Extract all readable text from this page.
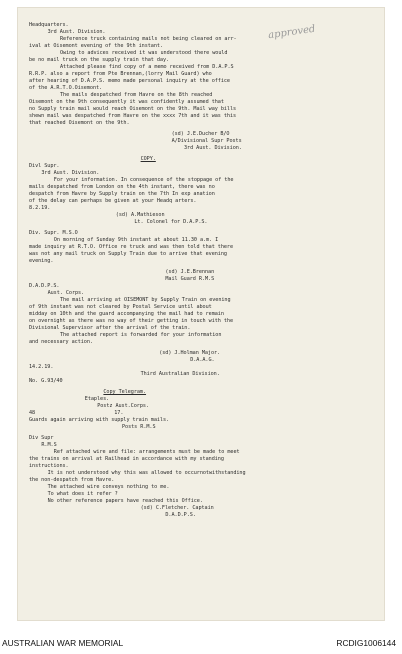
approved
Headquarters.
3rd Aust. Division.
Reference truck containing mails not being cleared on arr-
ival at Oisemont evening of the 9th instant.
Owing to advices received it was understood there would
be no mail truck on the supply train that day.
Attached please find copy of a memo received from D.A.P.S
R.R.P. also a report from Pte Brennan,(lorry Mail Guard) who
after hearing of D.A.P.S. memo made personal inquiry at the office
of the A.R.T.O.Oisemont.
The mails despatched from Havre on the 8th reached
Oisemont on the 9th consequently it was confidently assumed that
no Supply train mail would reach Oisemont on the 9th. Mail way bills
shewn mail was despatched from Havre on the xxxx 7th and it was this
that reached Oisemont on the 9th.
(sd) J.E.Ducher B/O
A/Divisional Supr Posts
3rd Aust. Division.
COPY.
Divl Supr.
3rd Aust. Division.
For your information. In consequence of the stoppage of the
mails despatched from London on the 4th instant, there was no
despatch from Havre by Supply train on the 7th In exp anation
of the delay can perhaps be given at your Headq arters.
8.2.19.
(sd) A.Mathieson
Lt. Colonel for D.A.P.S.
Div. Supr. M.S.O
On morning of Sunday 9th instant at about 11.30 a.m. I
made inquiry at R.T.O. Office re truck and was then told that there
was not any mail truck on Supply Train due to arrive that evening
evening.
(sd) J.E.Brennan
Mail Guard R.M.S
D.A.D.P.S.
Aust. Corps.
The mail arriving at OISEMONT by Supply Train on evening
of 9th instant was not cleared by Postal Service until about
midday on 10th and the guard accompanying the mail had to remain
on overnight as there was no way of their getting in touch with the
Divisional Supervisor after the arrival of the train.
The attached report is forwarded for your information
and necessary action.
(sd) J.Holman Major.
D.A.A.G.
14.2.19.
Third Australian Division.
No. G.93/40
Copy Telegram.
Etaples.
Postz Aust.Corps.
48                          17.
Guards again arriving with supply train mails.
Posts R.M.S
Div Supr
R.M.S
Ref attached wire and file: arrangements must be made to meet
the trains on arrival at Railhead in accordance with my standing
instructions.
It is not understood why this was allowed to occurnotwithstanding
the non-despatch from Havre.
The attached wire conveys nothing to me.
To what does it refer ?
No other reference papers have reached this Office.
(sd) C.Fletcher. Captain
D.A.D.P.S.
AUSTRALIAN WAR MEMORIAL	RCDIG1006144
